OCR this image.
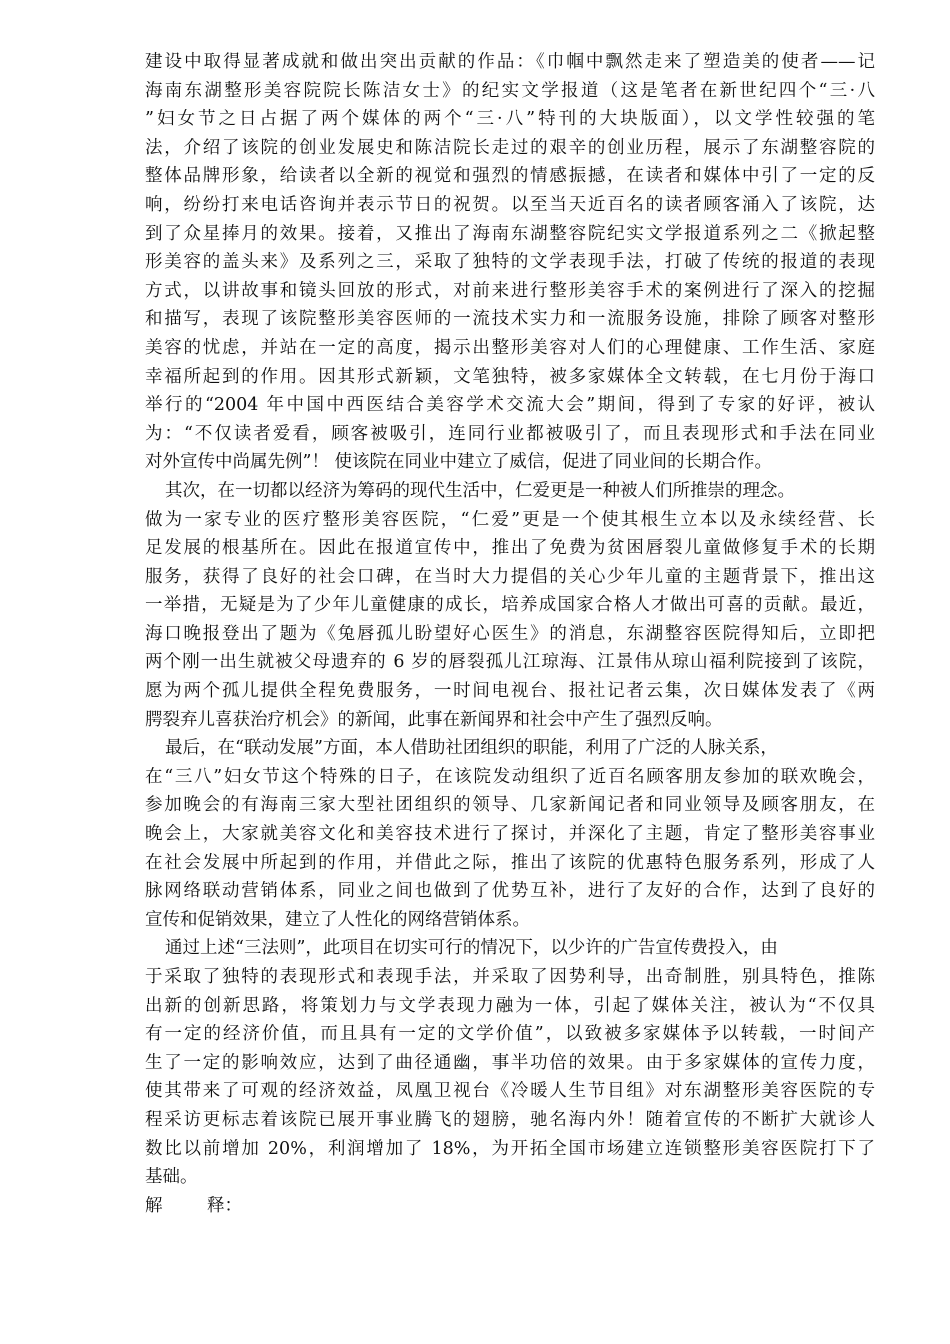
建设中取得显著成就和做出突出贡献的作品：《巾帼中飘然走来了塑造美的使者——记
海南东湖整形美容院院长陈洁女士》的纪实文学报道（这是笔者在新世纪四个“三·八
”妇女节之日占据了两个媒体的两个“三·八”特刊的大块版面），以文学性较强的笔
法，介绍了该院的创业发展史和陈洁院长走过的艰辛的创业历程，展示了东湖整容院的
整体品牌形象，给读者以全新的视觉和强烈的情感振撼，在读者和媒体中引了一定的反
响，纷纷打来电话咨询并表示节日的祝贺。以至当天近百名的读者顾客涌入了该院，达
到了众星捧月的效果。接着，又推出了海南东湖整容院纪实文学报道系列之二《掀起整
形美容的盖头来》及系列之三，采取了独特的文学表现手法，打破了传统的报道的表现
方式，以讲故事和镜头回放的形式，对前来进行整形美容手术的案例进行了深入的挖掘
和描写，表现了该院整形美容医师的一流技术实力和一流服务设施，排除了顾客对整形
美容的忧虑，并站在一定的高度，揭示出整形美容对人们的心理健康、工作生活、家庭
幸福所起到的作用。因其形式新颖，文笔独特，被多家媒体全文转载，在七月份于海口
举行的“2004 年中国中西医结合美容学术交流大会”期间，得到了专家的好评，被认
为：“不仅读者爱看，顾客被吸引，连同行业都被吸引了，而且表现形式和手法在同业
对外宣传中尚属先例”！ 使该院在同业中建立了威信，促进了同业间的长期合作。
其次，在一切都以经济为筹码的现代生活中，仁爱更是一种被人们所推崇的理念。
做为一家专业的医疗整形美容医院，“仁爱”更是一个使其根生立本以及永续经营、长
足发展的根基所在。因此在报道宣传中，推出了免费为贫困唇裂儿童做修复手术的长期
服务，获得了良好的社会口碑，在当时大力提倡的关心少年儿童的主题背景下，推出这
一举措，无疑是为了少年儿童健康的成长，培养成国家合格人才做出可喜的贡献。最近，
海口晚报登出了题为《兔唇孤儿盼望好心医生》的消息，东湖整容医院得知后，立即把
两个刚一出生就被父母遗弃的 6 岁的唇裂孤儿江琼海、江景伟从琼山福利院接到了该院，
愿为两个孤儿提供全程免费服务，一时间电视台、报社记者云集，次日媒体发表了《两
腭裂弃儿喜获治疗机会》的新闻，此事在新闻界和社会中产生了强烈反响。
最后，在“联动发展”方面，本人借助社团组织的职能，利用了广泛的人脉关系，
在“三八”妇女节这个特殊的日子，在该院发动组织了近百名顾客朋友参加的联欢晚会，
参加晚会的有海南三家大型社团组织的领导、几家新闻记者和同业领导及顾客朋友，在
晚会上，大家就美容文化和美容技术进行了探讨，并深化了主题，肯定了整形美容事业
在社会发展中所起到的作用，并借此之际，推出了该院的优惠特色服务系列，形成了人
脉网络联动营销体系，同业之间也做到了优势互补，进行了友好的合作，达到了良好的
宣传和促销效果，建立了人性化的网络营销体系。
通过上述“三法则”，此项目在切实可行的情况下，以少许的广告宣传费投入，由
于采取了独特的表现形式和表现手法，并采取了因势利导，出奇制胜，别具特色，推陈
出新的创新思路，将策划力与文学表现力融为一体，引起了媒体关注，被认为“不仅具
有一定的经济价值，而且具有一定的文学价值”，以致被多家媒体予以转载，一时间产
生了一定的影响效应，达到了曲径通幽，事半功倍的效果。由于多家媒体的宣传力度，
使其带来了可观的经济效益，凤凰卫视台《冷暖人生节目组》对东湖整形美容医院的专
程采访更标志着该院已展开事业腾飞的翅膀，驰名海内外！随着宣传的不断扩大就诊人
数比以前增加 20%，利润增加了 18%，为开拓全国市场建立连锁整形美容医院打下了
基础。
解        释：
